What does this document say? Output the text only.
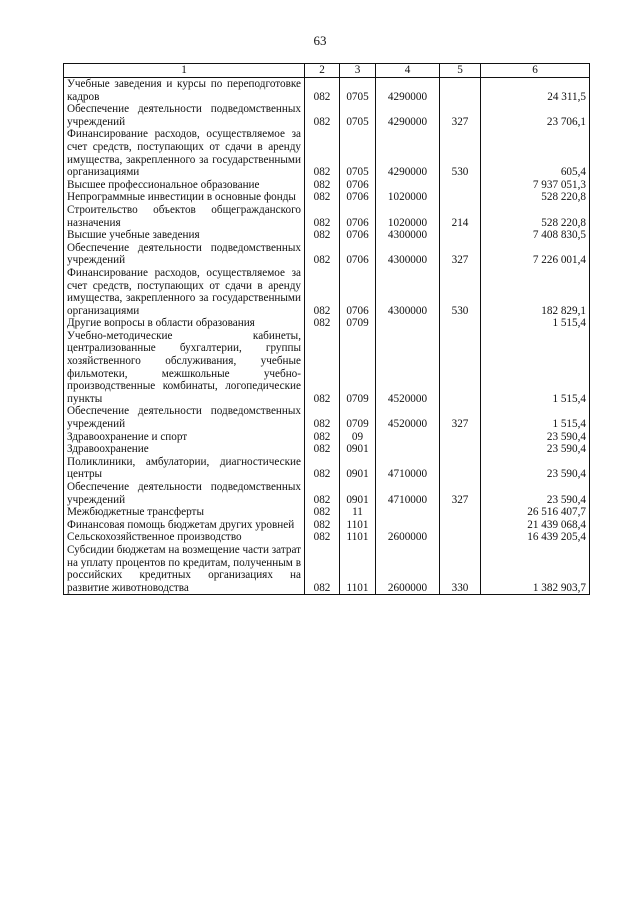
63
1	2	3	4	5	6
Учебные заведения и курсы по переподготовке кадров	082	0705	4290000		24 311,5
Обеспечение деятельности подведомственных учреждений	082	0705	4290000	327	23 706,1
Финансирование расходов, осуществляемое за счет средств, поступающих от сдачи в аренду имущества, закрепленного за государственными организациями	082	0705	4290000	530	605,4
Высшее профессиональное образование	082	0706			7 937 051,3
Непрограммные инвестиции в основные фонды	082	0706	1020000		528 220,8
Строительство объектов общегражданского назначения	082	0706	1020000	214	528 220,8
Высшие учебные заведения	082	0706	4300000		7 408 830,5
Обеспечение деятельности подведомственных учреждений	082	0706	4300000	327	7 226 001,4
Финансирование расходов, осуществляемое за счет средств, поступающих от сдачи в аренду имущества, закрепленного за государственными организациями	082	0706	4300000	530	182 829,1
Другие вопросы в области образования	082	0709			1 515,4
Учебно-методические кабинеты, централизованные бухгалтерии, группы хозяйственного обслуживания, учебные фильмотеки, межшкольные учебно-производственные комбинаты, логопедические пункты	082	0709	4520000		1 515,4
Обеспечение деятельности подведомственных учреждений	082	0709	4520000	327	1 515,4
Здравоохранение и спорт	082	09			23 590,4
Здравоохранение	082	0901			23 590,4
Поликлиники, амбулатории, диагностические центры	082	0901	4710000		23 590,4
Обеспечение деятельности подведомственных учреждений	082	0901	4710000	327	23 590,4
Межбюджетные трансферты	082	11			26 516 407,7
Финансовая помощь бюджетам других уровней	082	1101			21 439 068,4
Сельскохозяйственное производство	082	1101	2600000		16 439 205,4
Субсидии бюджетам на возмещение части затрат на уплату процентов по кредитам, полученным в российских кредитных организациях на развитие животноводства	082	1101	2600000	330	1 382 903,7
